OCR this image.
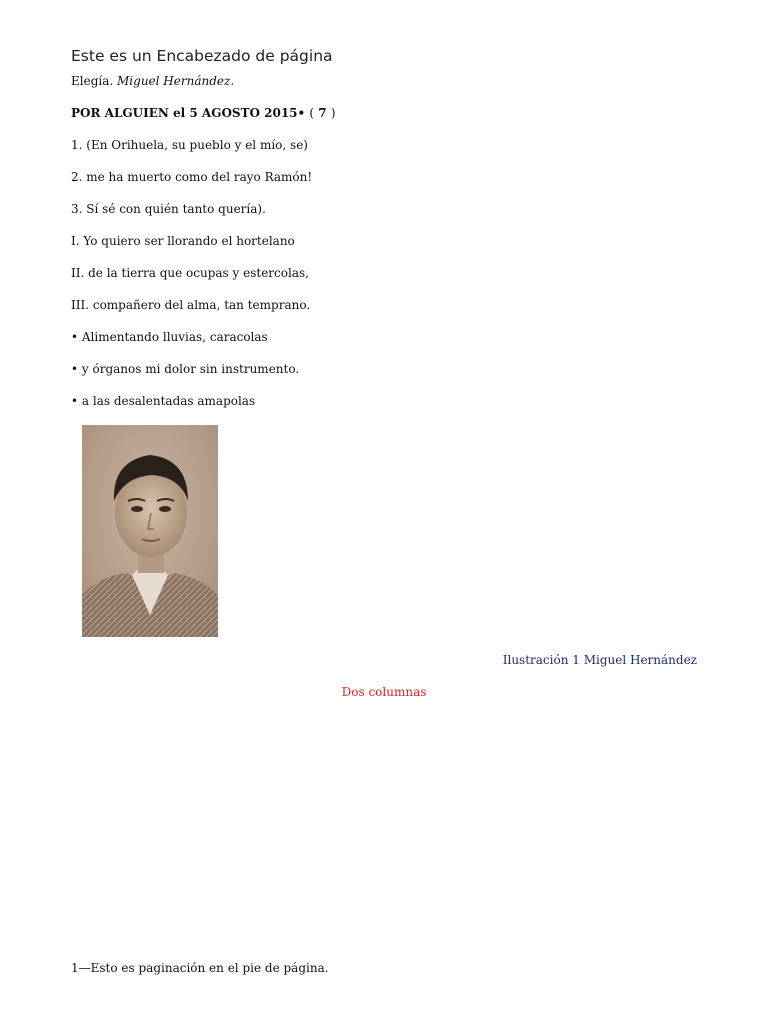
Este es un Encabezado de página
Elegía. Miguel Hernández.
POR ALGUIEN el 5 AGOSTO 2015• ( 7 )
1. (En Orihuela, su pueblo y el mío, se)
2. me ha muerto como del rayo Ramón!
3. Sí sé con quién tanto quería).
I. Yo quiero ser llorando el hortelano
II. de la tierra que ocupas y estercolas,
III. compañero del alma, tan temprano.
• Alimentando lluvias, caracolas
• y órganos mi dolor sin instrumento.
• a las desalentadas amapolas
Ilustración 1 Miguel Hernández
Dos columnas
1—Esto es paginación en el pie de página.
